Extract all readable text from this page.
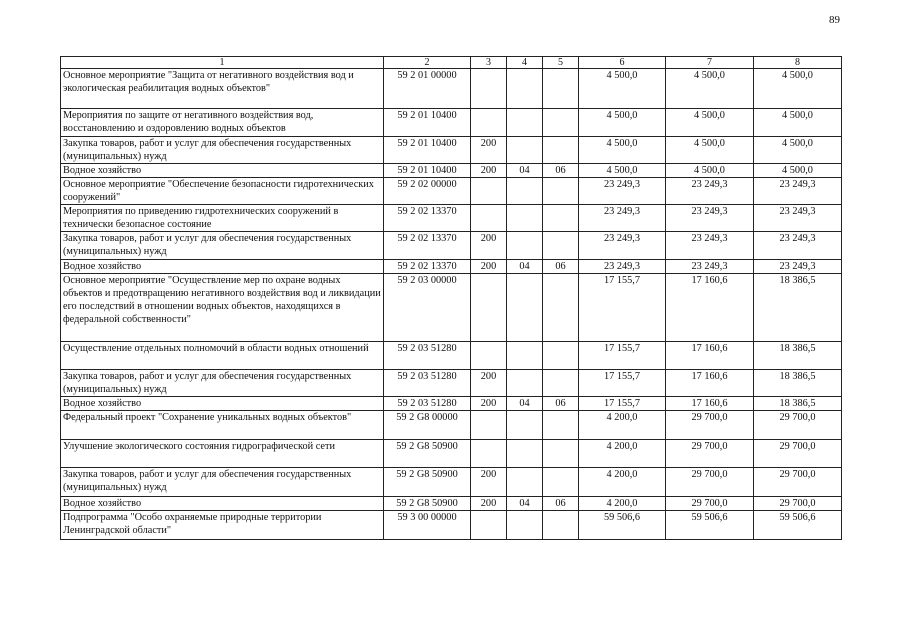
89
1	2	3	4	5	6	7	8
Основное мероприятие "Защита от негативного воздействия вод и экологическая реабилитация водных объектов"	59 2 01 00000				4 500,0	4 500,0	4 500,0
Мероприятия по защите от негативного воздействия вод, восстановлению и оздоровлению водных объектов	59 2 01 10400				4 500,0	4 500,0	4 500,0
Закупка товаров, работ и услуг для обеспечения государственных (муниципальных) нужд	59 2 01 10400	200			4 500,0	4 500,0	4 500,0
Водное хозяйство	59 2 01 10400	200	04	06	4 500,0	4 500,0	4 500,0
Основное мероприятие "Обеспечение безопасности гидротехнических сооружений"	59 2 02 00000				23 249,3	23 249,3	23 249,3
Мероприятия по приведению гидротехнических сооружений в технически безопасное состояние	59 2 02 13370				23 249,3	23 249,3	23 249,3
Закупка товаров, работ и услуг для обеспечения государственных (муниципальных) нужд	59 2 02 13370	200			23 249,3	23 249,3	23 249,3
Водное хозяйство	59 2 02 13370	200	04	06	23 249,3	23 249,3	23 249,3
Основное мероприятие "Осуществление мер по охране водных объектов и предотвращению негативного воздействия вод и ликвидации его последствий в отношении водных объектов, находящихся в федеральной собственности"	59 2 03 00000				17 155,7	17 160,6	18 386,5
Осуществление отдельных полномочий в области водных отношений	59 2 03 51280				17 155,7	17 160,6	18 386,5
Закупка товаров, работ и услуг для обеспечения государственных (муниципальных) нужд	59 2 03 51280	200			17 155,7	17 160,6	18 386,5
Водное хозяйство	59 2 03 51280	200	04	06	17 155,7	17 160,6	18 386,5
Федеральный проект "Сохранение уникальных водных объектов"	59 2 G8 00000				4 200,0	29 700,0	29 700,0
Улучшение экологического состояния гидрографической сети	59 2 G8 50900				4 200,0	29 700,0	29 700,0
Закупка товаров, работ и услуг для обеспечения государственных (муниципальных) нужд	59 2 G8 50900	200			4 200,0	29 700,0	29 700,0
Водное хозяйство	59 2 G8 50900	200	04	06	4 200,0	29 700,0	29 700,0
Подпрограмма "Особо охраняемые природные территории Ленинградской области"	59 3 00 00000				59 506,6	59 506,6	59 506,6
